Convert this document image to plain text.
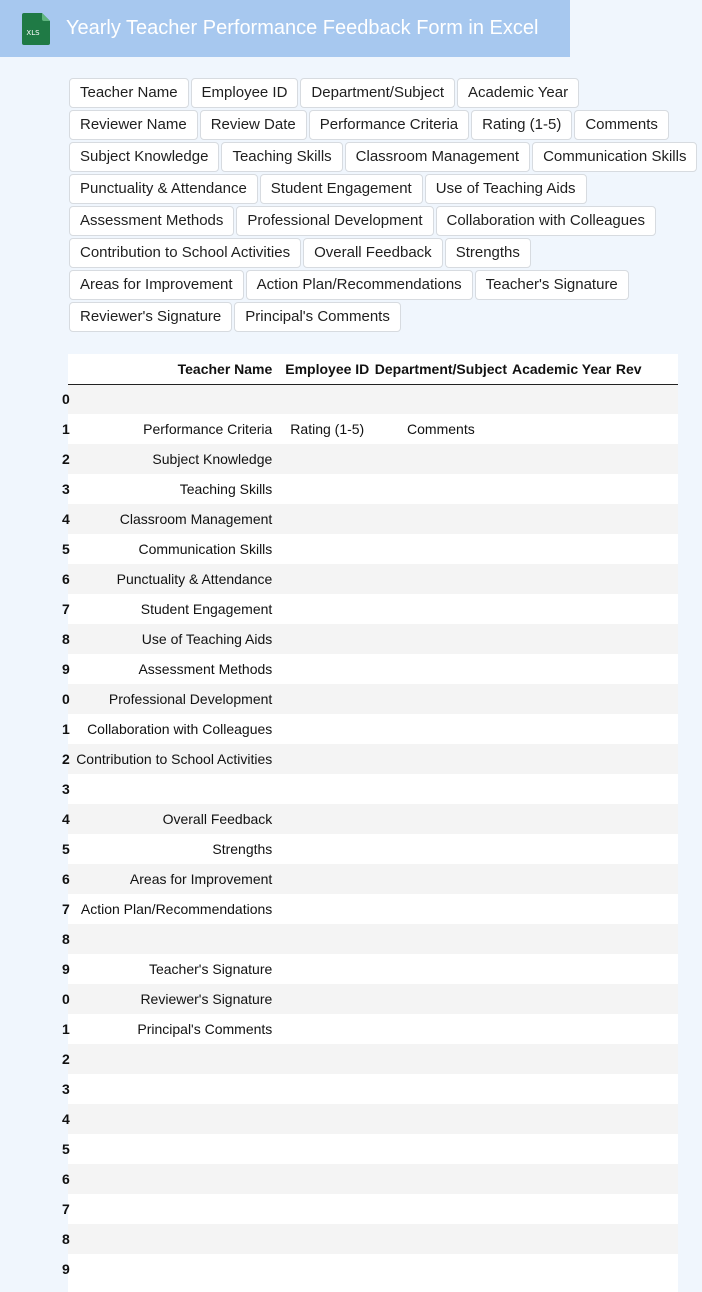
XLS Yearly Teacher Performance Feedback Form in Excel
Teacher Name	Employee ID	Department/Subject	Academic Year
Reviewer Name	Review Date	Performance Criteria	Rating (1-5)	Comments
Subject Knowledge	Teaching Skills	Classroom Management	Communication Skills
Punctuality & Attendance	Student Engagement	Use of Teaching Aids
Assessment Methods	Professional Development	Collaboration with Colleagues
Contribution to School Activities	Overall Feedback	Strengths
Areas for Improvement	Action Plan/Recommendations	Teacher's Signature
Reviewer's Signature	Principal's Comments
	Teacher Name	Employee ID	Department/Subject	Academic Year	Rev
0					
1	Performance Criteria	Rating (1-5)	Comments		
2	Subject Knowledge				
3	Teaching Skills				
4	Classroom Management				
5	Communication Skills				
6	Punctuality & Attendance				
7	Student Engagement				
8	Use of Teaching Aids				
9	Assessment Methods				
0	Professional Development				
1	Collaboration with Colleagues				
2	Contribution to School Activities				
3					
4	Overall Feedback				
5	Strengths				
6	Areas for Improvement				
7	Action Plan/Recommendations				
8					
9	Teacher's Signature				
0	Reviewer's Signature				
1	Principal's Comments				
2					
3					
4					
5					
6					
7					
8					
9					
